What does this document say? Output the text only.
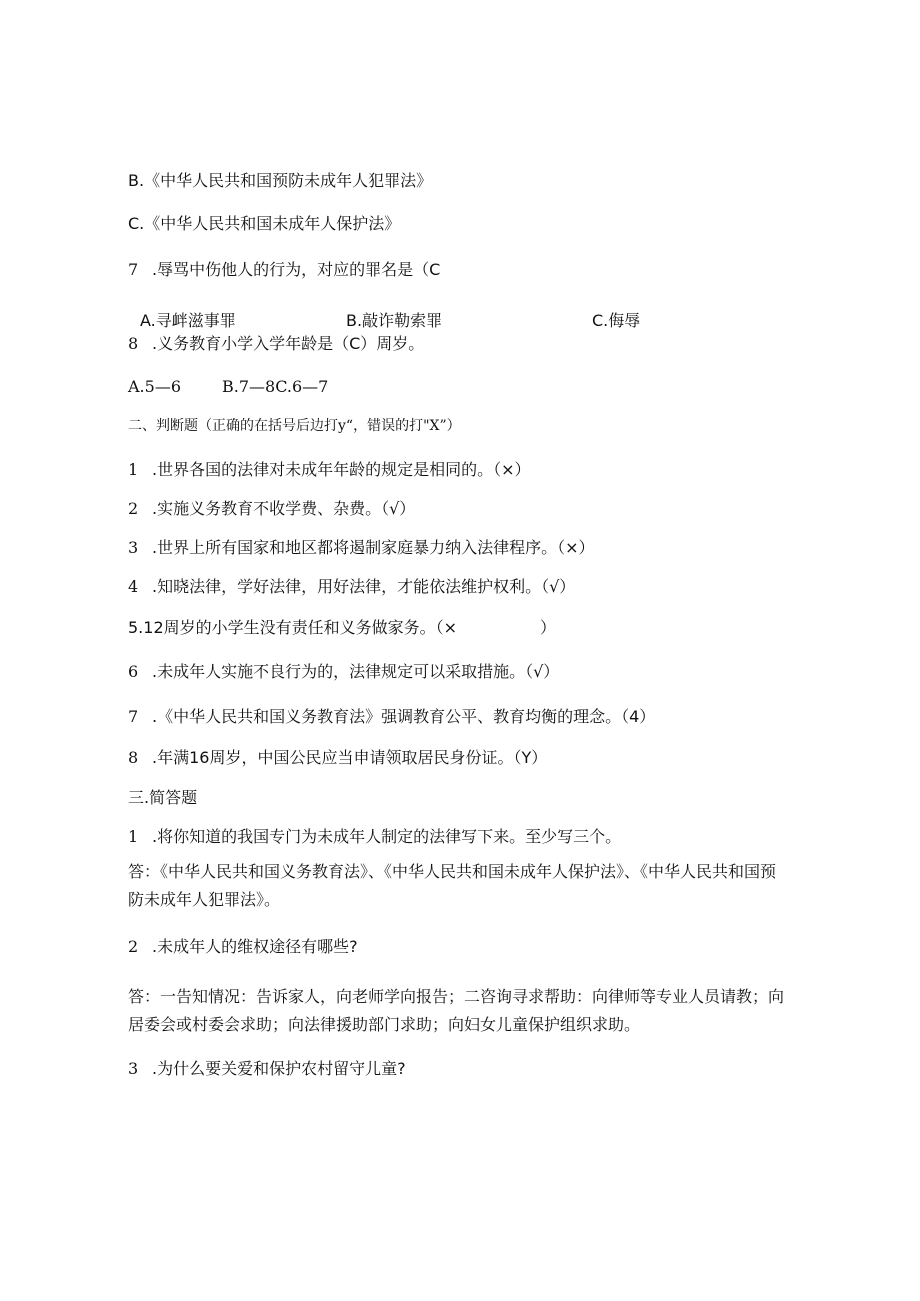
B.《中华人民共和国预防未成年人犯罪法》
C.《中华人民共和国未成年人保护法》
7 .辱骂中伤他人的行为，对应的罪名是（C
A.寻衅滋事罪	B.敲诈勒索罪	C.侮辱
8 .义务教育小学入学年龄是（C）周岁。
A.5—6	B.7—8C.6—7
二、判断题（正确的在括号后边打y“，错误的打"X”）
1 .世界各国的法律对未成年年龄的规定是相同的。（×）
2 .实施义务教育不收学费、杂费。（√）
3 .世界上所有国家和地区都将遏制家庭暴力纳入法律程序。（×）
4 .知晓法律，学好法律，用好法律，才能依法维护权利。（√）
5.12周岁的小学生没有责任和义务做家务。（×	）
6 .未成年人实施不良行为的，法律规定可以采取措施。（√）
7 .《中华人民共和国义务教育法》强调教育公平、教育均衡的理念。（4）
8 .年满16周岁，中国公民应当申请领取居民身份证。（Y）
三.简答题
1 .将你知道的我国专门为未成年人制定的法律写下来。至少写三个。
答：《中华人民共和国义务教育法》、《中华人民共和国未成年人保护法》、《中华人民共和国预防未成年人犯罪法》。
2 .未成年人的维权途径有哪些?
答：一告知情况：告诉家人，向老师学向报告；二咨询寻求帮助：向律师等专业人员请教；向居委会或村委会求助；向法律援助部门求助；向妇女儿童保护组织求助。
3 .为什么要关爱和保护农村留守儿童?
